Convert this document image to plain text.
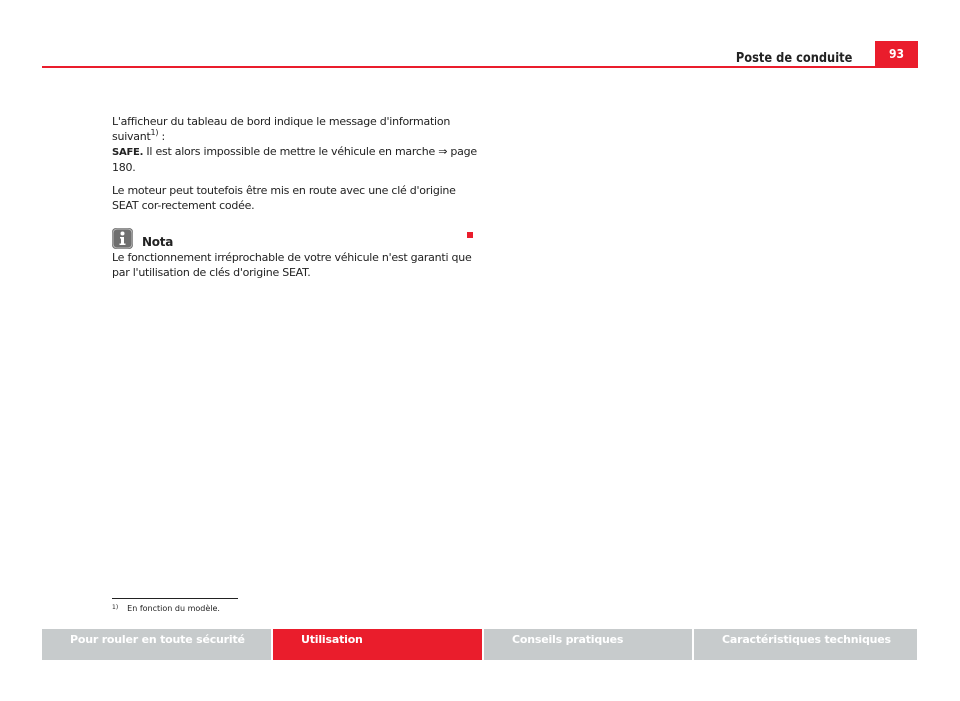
Poste de conduite	93

L'afficheur du tableau de bord indique le message d'information suivant$^{1)}$ :
SAFE. Il est alors impossible de mettre le véhicule en marche ⇒ page 180.

Le moteur peut toutefois être mis en route avec une clé d'origine SEAT cor-rectement codée.

Nota

Le fonctionnement irréprochable de votre véhicule n'est garanti que par l'utilisation de clés d'origine SEAT.

1) En fonction du modèle.
Pour rouler en toute sécurité	Utilisation	Conseils pratiques	Caractéristiques techniques
